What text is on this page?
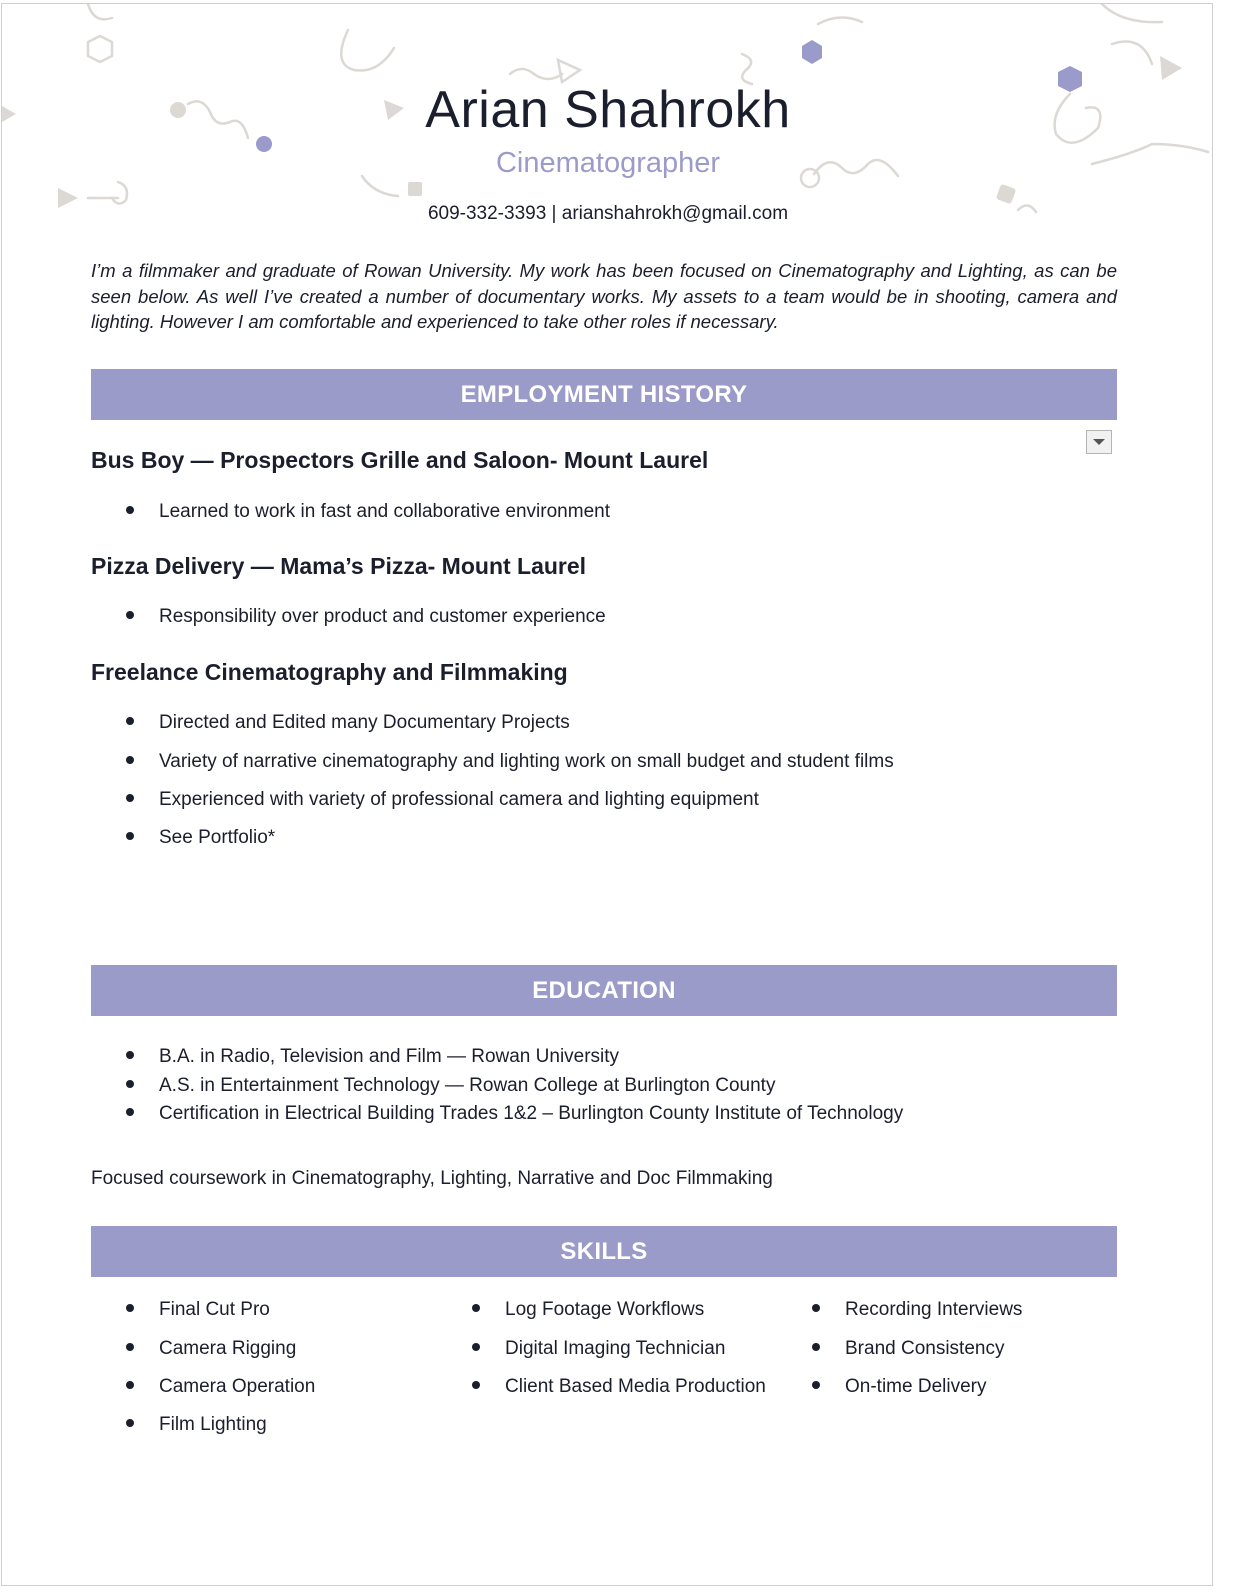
Arian Shahrokh
Cinematographer
609-332-3393 | arianshahrokh@gmail.com
I’m a filmmaker and graduate of Rowan University. My work has been focused on Cinematography and Lighting, as can be seen below. As well I’ve created a number of documentary works. My assets to a team would be in shooting, camera and lighting. However I am comfortable and experienced to take other roles if necessary.
EMPLOYMENT HISTORY
Bus Boy — Prospectors Grille and Saloon- Mount Laurel
Learned to work in fast and collaborative environment
Pizza Delivery — Mama’s Pizza- Mount Laurel
Responsibility over product and customer experience
Freelance Cinematography and Filmmaking
Directed and Edited many Documentary Projects
Variety of narrative cinematography and lighting work on small budget and student films
Experienced with variety of professional camera and lighting equipment
See Portfolio*
EDUCATION
B.A. in Radio, Television and Film — Rowan University
A.S. in Entertainment Technology — Rowan College at Burlington County
Certification in Electrical Building Trades 1&2 – Burlington County Institute of Technology
Focused coursework in Cinematography, Lighting, Narrative and Doc Filmmaking
SKILLS
Final Cut Pro
Camera Rigging
Camera Operation
Film Lighting
Log Footage Workflows
Digital Imaging Technician
Client Based Media Production
Recording Interviews
Brand Consistency
On-time Delivery
